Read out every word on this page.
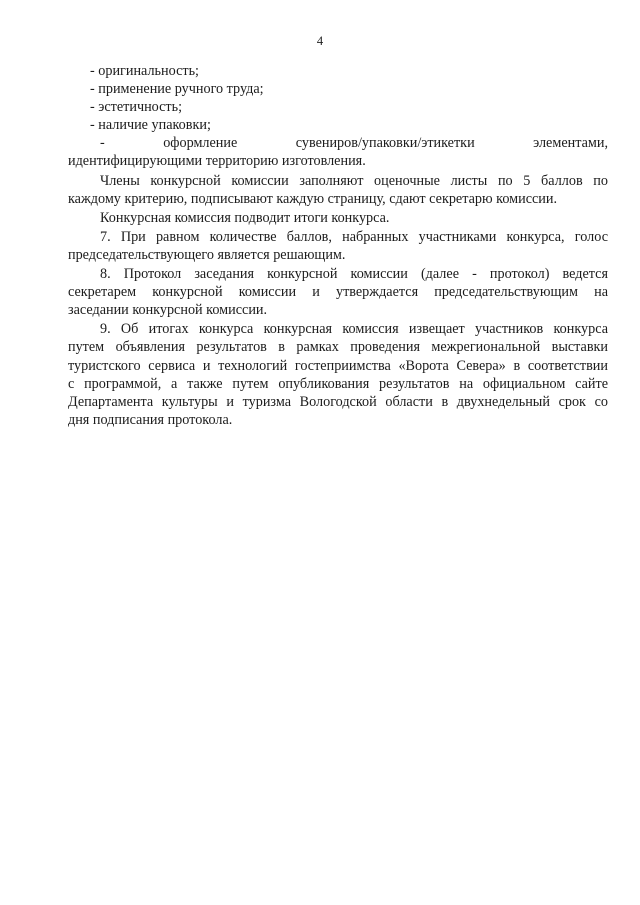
4
- оригинальность;
- применение ручного труда;
- эстетичность;
- наличие упаковки;
-	оформление	сувениров/упаковки/этикетки	элементами,
идентифицирующими территорию изготовления.
Члены конкурсной комиссии заполняют оценочные листы по 5 баллов по
каждому критерию, подписывают каждую страницу, сдают секретарю комиссии.
Конкурсная комиссия подводит итоги конкурса.
7. При равном количестве баллов, набранных участниками конкурса, голос
председательствующего является решающим.
8. Протокол заседания конкурсной комиссии (далее - протокол) ведется
секретарем конкурсной комиссии и утверждается председательствующим на
заседании конкурсной комиссии.
9. Об итогах конкурса конкурсная комиссия извещает участников конкурса
путем объявления результатов в рамках проведения межрегиональной выставки
туристского сервиса и технологий гостеприимства «Ворота Севера» в соответствии
с программой, а также путем опубликования результатов на официальном сайте
Департамента культуры и туризма Вологодской области в двухнедельный срок со
дня подписания протокола.
